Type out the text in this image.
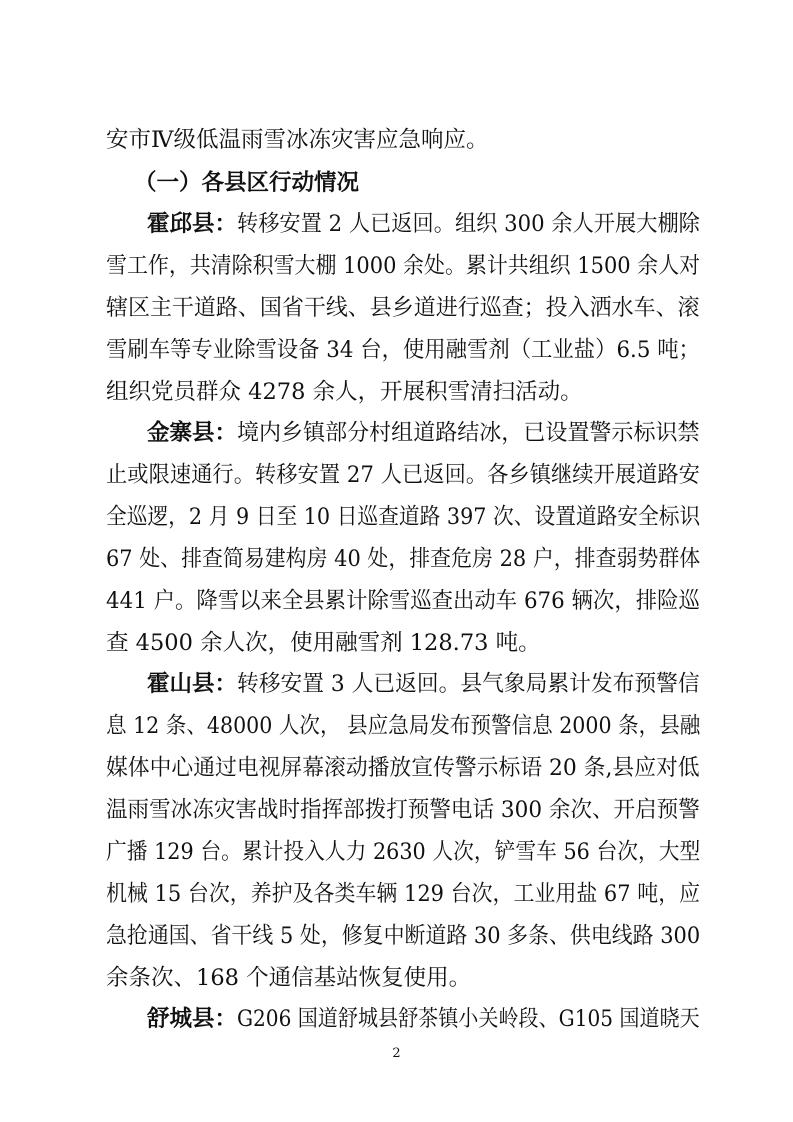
安市Ⅳ级低温雨雪冰冻灾害应急响应。
（一）各县区行动情况
霍邱县： 转移安置 2 人已返回。组织 300 余人开展大棚除
雪工作，共清除积雪大棚 1000 余处。累计共组织 1500 余人对
辖区主干道路、国省干线、县乡道进行巡查；投入洒水车、滚
雪刷车等专业除雪设备 34 台，使用融雪剂（工业盐）6.5 吨；
组织党员群众 4278 余人，开展积雪清扫活动。
金寨县： 境内乡镇部分村组道路结冰，已设置警示标识禁
止或限速通行。转移安置 27 人已返回。各乡镇继续开展道路安
全巡逻，2 月 9 日至 10 日巡查道路 397 次、设置道路安全标识
67 处、排查简易建构房 40 处，排查危房 28 户，排查弱势群体
441 户。降雪以来全县累计除雪巡查出动车 676 辆次，排险巡
查 4500 余人次，使用融雪剂 128.73 吨。
霍山县： 转移安置 3 人已返回。县气象局累计发布预警信
息 12 条、48000 人次， 县应急局发布预警信息 2000 条，县融
媒体中心通过电视屏幕滚动播放宣传警示标语 20 条,县应对低
温雨雪冰冻灾害战时指挥部拨打预警电话 300 余次、开启预警
广播 129 台。累计投入人力 2630 人次，铲雪车 56 台次，大型
机械 15 台次，养护及各类车辆 129 台次，工业用盐 67 吨，应
急抢通国、省干线 5 处，修复中断道路 30 多条、供电线路 300
余条次、168 个通信基站恢复使用。
舒城县： G206 国道舒城县舒茶镇小关岭段、G105 国道晓天
2
